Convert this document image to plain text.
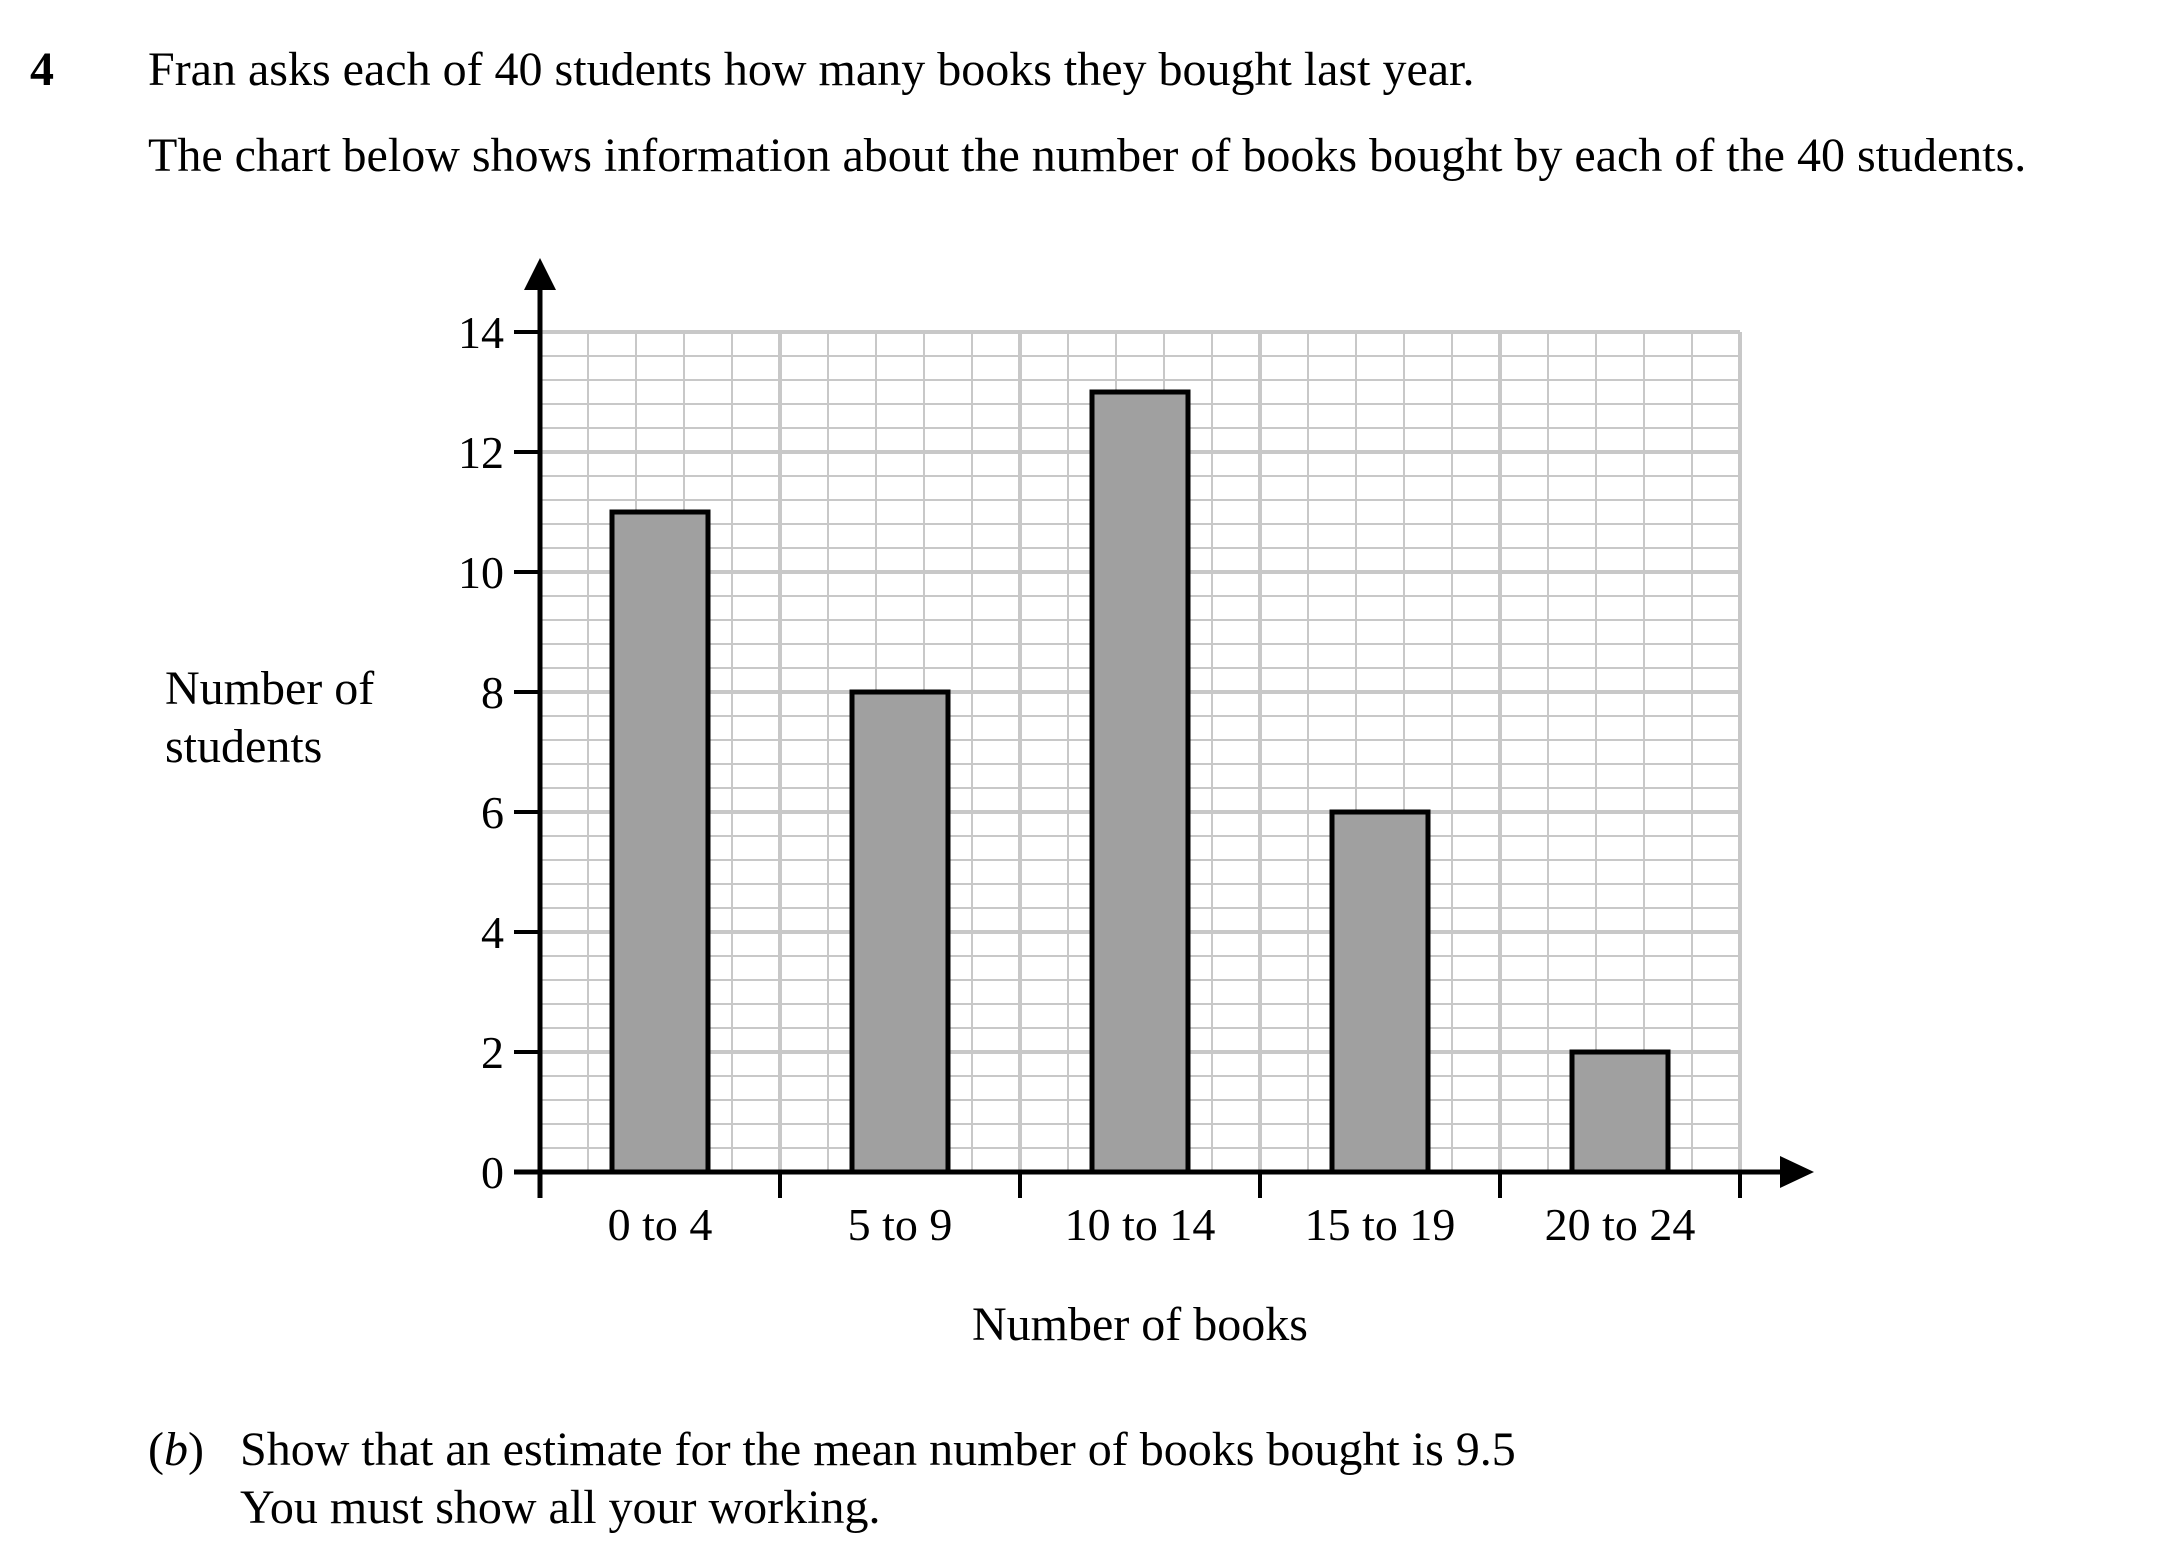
4 Fran asks each of 40 students how many books they bought last year.
The chart below shows information about the number of books bought by each of the 40 students.
Number of
students
0
2
4
6
8
10
12
14
0 to 4	5 to 9 10 to 14 15 to 19 20 to 24
Number of books
(b) Show that an estimate for the mean number of books bought is 9.5
You must show all your working.
